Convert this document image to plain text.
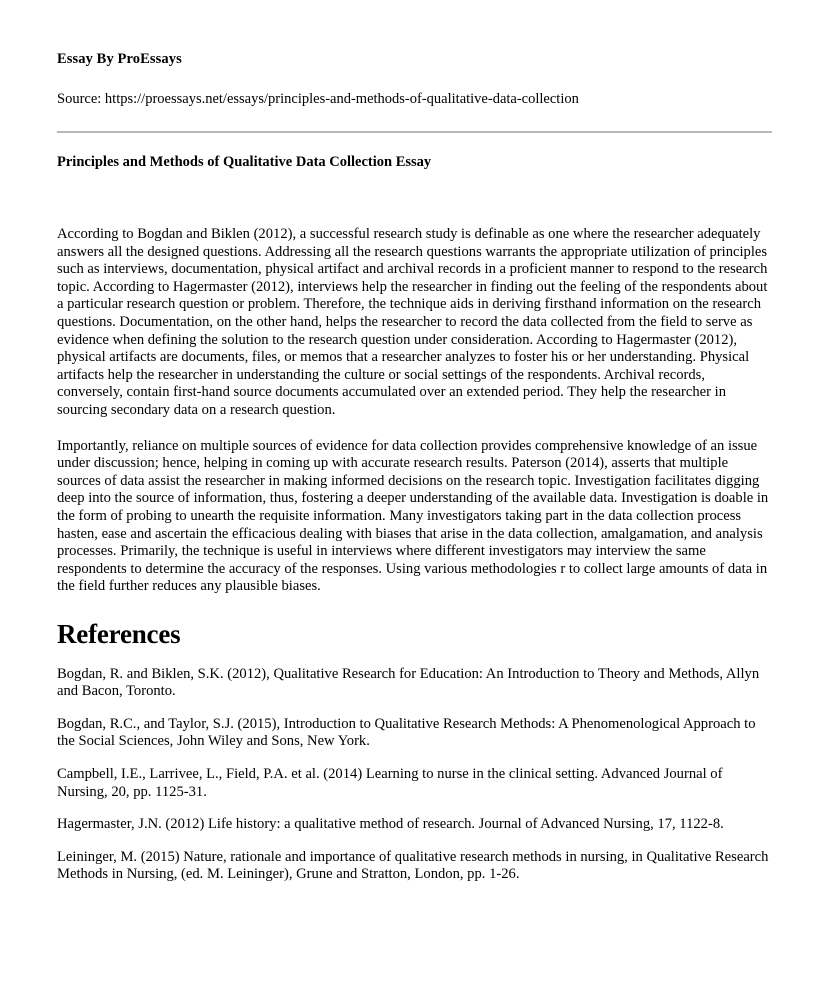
Essay By ProEssays
Source: https://proessays.net/essays/principles-and-methods-of-qualitative-data-collection
Principles and Methods of Qualitative Data Collection Essay

According to Bogdan and Biklen (2012), a successful research study is definable as one where the researcher adequately answers all the designed questions. Addressing all the research questions warrants the appropriate utilization of principles such as interviews, documentation, physical artifact and archival records in a proficient manner to respond to the research topic. According to Hagermaster (2012), interviews help the researcher in finding out the feeling of the respondents about a particular research question or problem. Therefore, the technique aids in deriving firsthand information on the research questions. Documentation, on the other hand, helps the researcher to record the data collected from the field to serve as evidence when defining the solution to the research question under consideration. According to Hagermaster (2012), physical artifacts are documents, files, or memos that a researcher analyzes to foster his or her understanding. Physical artifacts help the researcher in understanding the culture or social settings of the respondents. Archival records, conversely, contain first-hand source documents accumulated over an extended period. They help the researcher in sourcing secondary data on a research question.

Importantly, reliance on multiple sources of evidence for data collection provides comprehensive knowledge of an issue under discussion; hence, helping in coming up with accurate research results. Paterson (2014), asserts that multiple sources of data assist the researcher in making informed decisions on the research topic. Investigation facilitates digging deep into the source of information, thus, fostering a deeper understanding of the available data. Investigation is doable in the form of probing to unearth the requisite information. Many investigators taking part in the data collection process hasten, ease and ascertain the efficacious dealing with biases that arise in the data collection, amalgamation, and analysis processes. Primarily, the technique is useful in interviews where different investigators may interview the same respondents to determine the accuracy of the responses. Using various methodologies r to collect large amounts of data in the field further reduces any plausible biases.

References

Bogdan, R. and Biklen, S.K. (2012), Qualitative Research for Education: An Introduction to Theory and Methods, Allyn and Bacon, Toronto.

Bogdan, R.C., and Taylor, S.J. (2015), Introduction to Qualitative Research Methods: A Phenomenological Approach to the Social Sciences, John Wiley and Sons, New York.

Campbell, I.E., Larrivee, L., Field, P.A. et al. (2014) Learning to nurse in the clinical setting. Advanced Journal of Nursing, 20, pp. 1125-31.

Hagermaster, J.N. (2012) Life history: a qualitative method of research. Journal of Advanced Nursing, 17, 1122-8.

Leininger, M. (2015) Nature, rationale and importance of qualitative research methods in nursing, in Qualitative Research Methods in Nursing, (ed. M. Leininger), Grune and Stratton, London, pp. 1-26.
